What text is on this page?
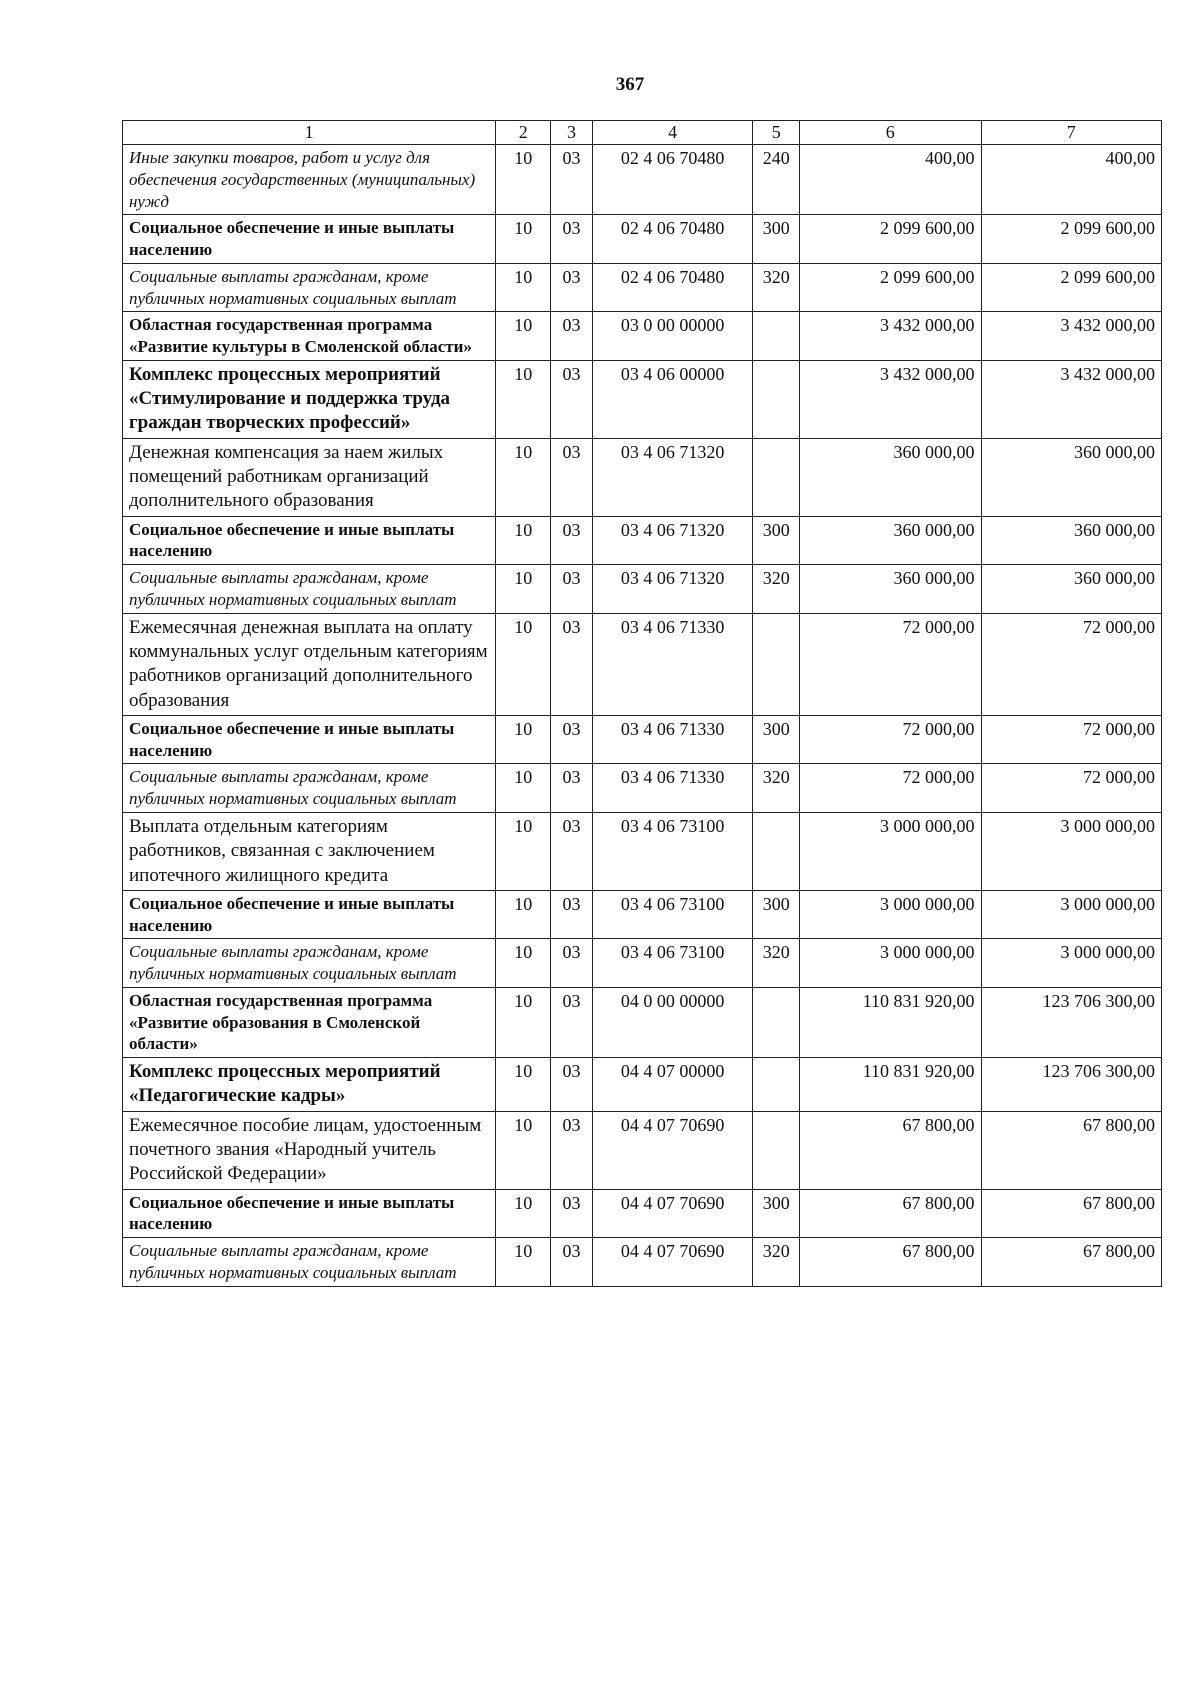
367
1	2	3	4	5	6	7
Иные закупки товаров, работ и услуг для обеспечения государственных (муниципальных) нужд	10	03	02 4 06 70480	240	400,00	400,00
Социальное обеспечение и иные выплаты населению	10	03	02 4 06 70480	300	2 099 600,00	2 099 600,00
Социальные выплаты гражданам, кроме публичных нормативных социальных выплат	10	03	02 4 06 70480	320	2 099 600,00	2 099 600,00
Областная государственная программа «Развитие культуры в Смоленской области»	10	03	03 0 00 00000		3 432 000,00	3 432 000,00
Комплекс процессных мероприятий «Стимулирование и поддержка труда граждан творческих профессий»	10	03	03 4 06 00000		3 432 000,00	3 432 000,00
Денежная компенсация за наем жилых помещений работникам организаций дополнительного образования	10	03	03 4 06 71320		360 000,00	360 000,00
Социальное обеспечение и иные выплаты населению	10	03	03 4 06 71320	300	360 000,00	360 000,00
Социальные выплаты гражданам, кроме публичных нормативных социальных выплат	10	03	03 4 06 71320	320	360 000,00	360 000,00
Ежемесячная денежная выплата на оплату коммунальных услуг отдельным категориям работников организаций дополнительного образования	10	03	03 4 06 71330		72 000,00	72 000,00
Социальное обеспечение и иные выплаты населению	10	03	03 4 06 71330	300	72 000,00	72 000,00
Социальные выплаты гражданам, кроме публичных нормативных социальных выплат	10	03	03 4 06 71330	320	72 000,00	72 000,00
Выплата отдельным категориям работников, связанная с заключением ипотечного жилищного кредита	10	03	03 4 06 73100		3 000 000,00	3 000 000,00
Социальное обеспечение и иные выплаты населению	10	03	03 4 06 73100	300	3 000 000,00	3 000 000,00
Социальные выплаты гражданам, кроме публичных нормативных социальных выплат	10	03	03 4 06 73100	320	3 000 000,00	3 000 000,00
Областная государственная программа «Развитие образования в Смоленской области»	10	03	04 0 00 00000		110 831 920,00	123 706 300,00
Комплекс процессных мероприятий «Педагогические кадры»	10	03	04 4 07 00000		110 831 920,00	123 706 300,00
Ежемесячное пособие лицам, удостоенным почетного звания «Народный учитель Российской Федерации»	10	03	04 4 07 70690		67 800,00	67 800,00
Социальное обеспечение и иные выплаты населению	10	03	04 4 07 70690	300	67 800,00	67 800,00
Социальные выплаты гражданам, кроме публичных нормативных социальных выплат	10	03	04 4 07 70690	320	67 800,00	67 800,00
